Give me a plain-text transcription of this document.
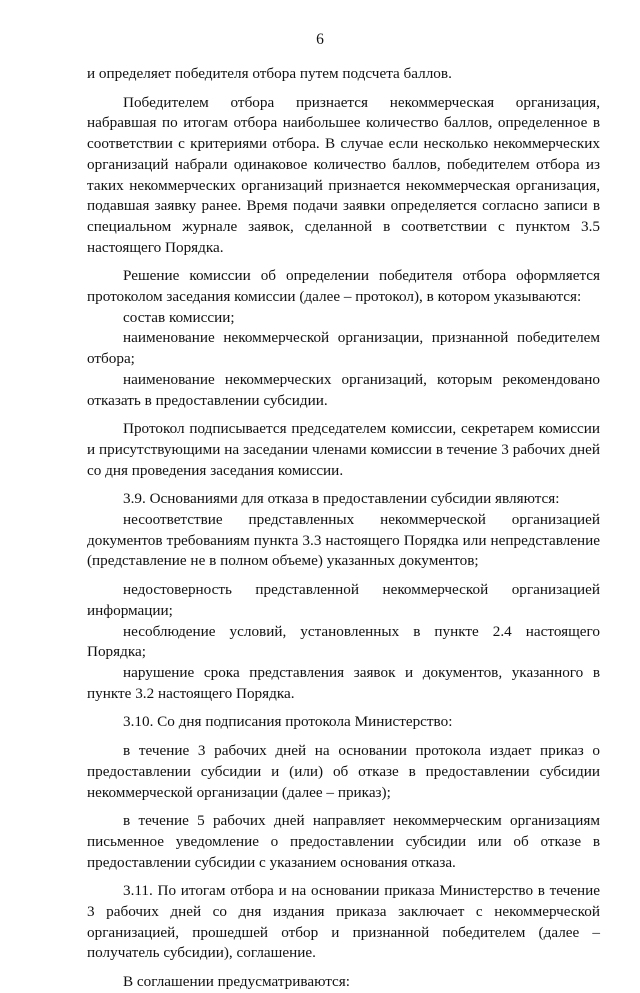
6

и определяет победителя отбора путем подсчета баллов.

Победителем отбора признается некоммерческая организация, набравшая по итогам отбора наибольшее количество баллов, определенное в соответствии с критериями отбора. В случае если несколько некоммерческих организаций набрали одинаковое количество баллов, победителем отбора из таких некоммерческих организаций признается некоммерческая организация, подавшая заявку ранее. Время подачи заявки определяется согласно записи в специальном журнале заявок, сделанной в соответствии с пунктом 3.5 настоящего Порядка.

Решение комиссии об определении победителя отбора оформляется протоколом заседания комиссии (далее – протокол), в котором указываются:

состав комиссии;

наименование некоммерческой организации, признанной победителем отбора;

наименование некоммерческих организаций, которым рекомендовано отказать в предоставлении субсидии.

Протокол подписывается председателем комиссии, секретарем комиссии и присутствующими на заседании членами комиссии в течение 3 рабочих дней со дня проведения заседания комиссии.

3.9. Основаниями для отказа в предоставлении субсидии являются:

несоответствие представленных некоммерческой организацией документов требованиям пункта 3.3 настоящего Порядка или непредставление (представление не в полном объеме) указанных документов;

недостоверность представленной некоммерческой организацией информации;

несоблюдение условий, установленных в пункте 2.4 настоящего Порядка;

нарушение срока представления заявок и документов, указанного в пункте 3.2 настоящего Порядка.

3.10. Со дня подписания протокола Министерство:

в течение 3 рабочих дней на основании протокола издает приказ о предоставлении субсидии и (или) об отказе в предоставлении субсидии некоммерческой организации (далее – приказ);

в течение 5 рабочих дней направляет некоммерческим организациям письменное уведомление о предоставлении субсидии или об отказе в предоставлении субсидии с указанием основания отказа.

3.11. По итогам отбора и на основании приказа Министерство в течение 3 рабочих дней со дня издания приказа заключает с некоммерческой организацией, прошедшей отбор и признанной победителем (далее – получатель субсидии), соглашение.

В соглашении предусматриваются:
